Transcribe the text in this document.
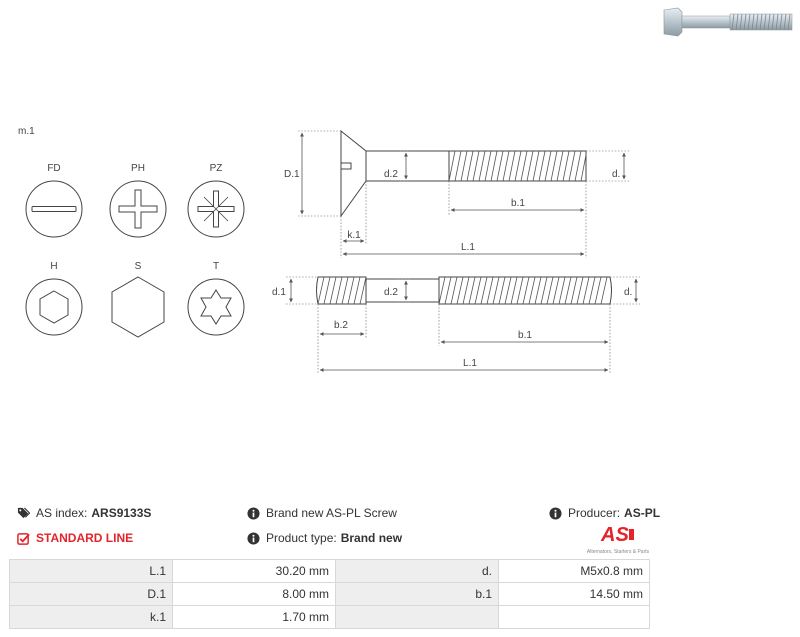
m.1
FD	PH	PZ
H	S	T
D.1	d.2	d.
b.1
k.1
L.1
d.1	d.2	d.
b.2
b.1
L.1
AS index: ARS9133S
STANDARD LINE
Brand new AS-PL Screw
Product type: Brand new
Producer: AS-PL
AS
Alternators, Starters & Parts
L.1	30.20 mm	d.	M5x0.8 mm
D.1	8.00 mm	b.1	14.50 mm
k.1	1.70 mm		
